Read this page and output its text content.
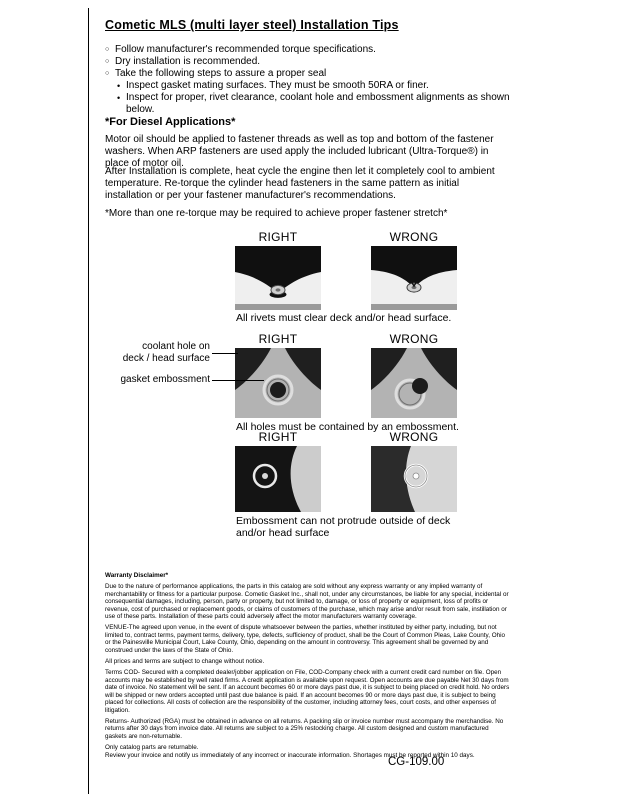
Cometic MLS (multi layer steel) Installation Tips
○ Follow manufacturer's recommended torque specifications.
○ Dry installation is recommended.
○ Take the following steps to assure a proper seal
• Inspect gasket mating surfaces. They must be smooth 50RA or finer.
• Inspect for proper, rivet clearance, coolant hole and embossment alignments as shown below.
*For Diesel Applications*
Motor oil should be applied to fastener threads as well as top and bottom of the fastener washers. When ARP fasteners are used apply the included lubricant (Ultra-Torque®) in place of motor oil.
After Installation is complete, heat cycle the engine then let it completely cool to ambient temperature. Re-torque the cylinder head fasteners in the same pattern as initial installation or per your fastener manufacturer's recommendations.
*More than one re-torque may be required to achieve proper fastener stretch*
RIGHT	WRONG
All rivets must clear deck and/or head surface.
coolant hole on
deck / head surface
gasket embossment
RIGHT	WRONG
All holes must be contained by an embossment.
RIGHT	WRONG
Embossment can not protrude outside of deck and/or head surface

Warranty Disclaimer*

Due to the nature of performance applications, the parts in this catalog are sold without any express warranty or any implied warranty of merchantability or fitness for a particular purpose. Cometic Gasket Inc., shall not, under any circumstances, be liable for any special, incidental or consequential damages, including, person, party or property, but not limited to, damage, or loss of property or equipment, loss of profits or revenue, cost of purchased or replacement goods, or claims of customers of the purchase, which may arise and/or result from sale, instillation or use of these parts. Installation of these parts could adversely affect the motor manufacturers warranty coverage.

VENUE-The agreed upon venue, in the event of dispute whatsoever between the parties, whether instituted by either party, including, but not limited to, contract terms, payment terms, delivery, type, defects, sufficiency of product, shall be the Court of Common Pleas, Lake County, Ohio or the Painesville Municipal Court, Lake County, Ohio, depending on the amount in controversy. This agreement shall be governed by and construed under the laws of the State of Ohio.

All prices and terms are subject to change without notice.

Terms COD- Secured with a completed dealer/jobber application on File, COD-Company check with a current credit card number on file. Open accounts may be established by well rated firms. A credit application is available upon request. Open accounts are due payable Net 30 days from date of invoice. No statement will be sent. If an account becomes 60 or more days past due, it is subject to being placed on credit hold. No orders will be shipped or new orders accepted until past due balance is paid. If an account becomes 90 or more days past due, it is subject to being placed for collections. All costs of collection are the responsibility of the customer, including attorney fees, court costs, and other expenses of litigation.

Returns- Authorized (RGA) must be obtained in advance on all returns. A packing slip or invoice number must accompany the merchandise. No returns after 30 days from invoice date. All returns are subject to a 25% restocking charge. All custom designed and custom manufactured gaskets are non-returnable.

Only catalog parts are returnable.

Review your invoice and notify us immediately of any incorrect or inaccurate information. Shortages must be reported within 10 days.

CG-109.00
